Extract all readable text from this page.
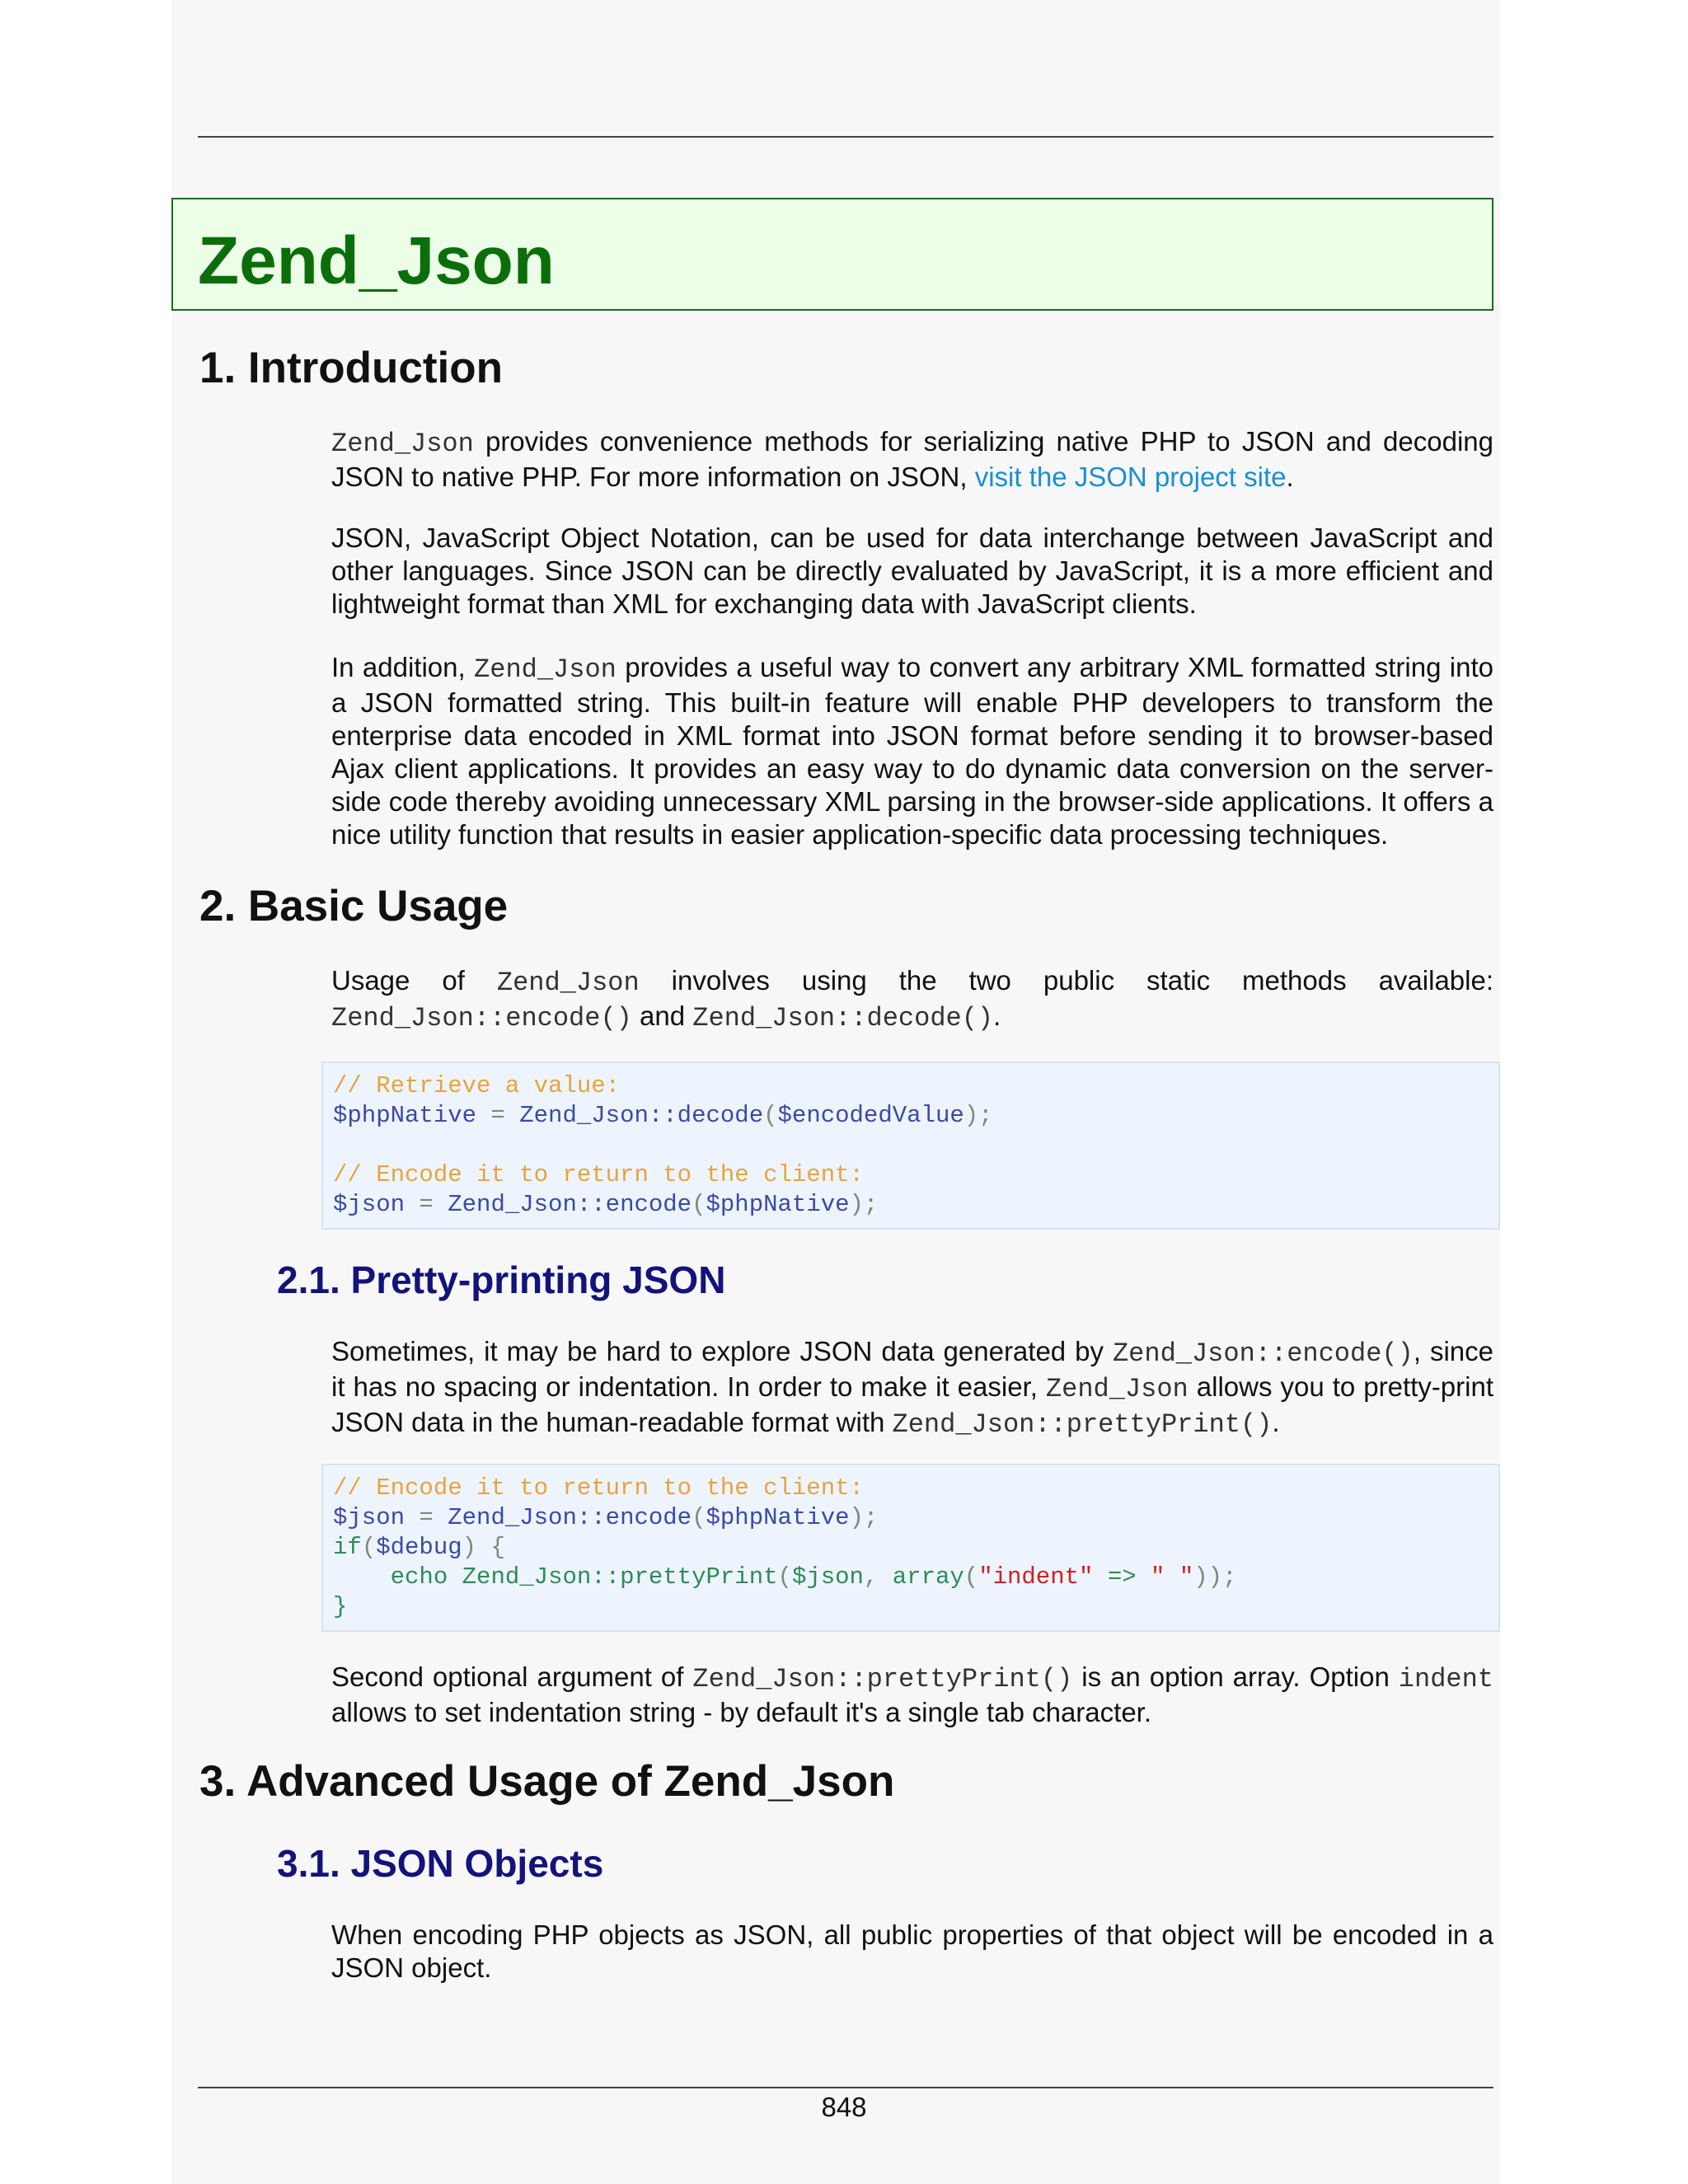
Zend_Json
1. Introduction

Zend_Json provides convenience methods for serializing native PHP to JSON and decoding JSON to native PHP. For more information on JSON, visit the JSON project site.

JSON, JavaScript Object Notation, can be used for data interchange between JavaScript and other languages. Since JSON can be directly evaluated by JavaScript, it is a more efficient and lightweight format than XML for exchanging data with JavaScript clients.

In addition, Zend_Json provides a useful way to convert any arbitrary XML formatted string into a JSON formatted string. This built-in feature will enable PHP developers to transform the enterprise data encoded in XML format into JSON format before sending it to browser-based Ajax client applications. It provides an easy way to do dynamic data conversion on the server-side code thereby avoiding unnecessary XML parsing in the browser-side applications. It offers a nice utility function that results in easier application-specific data processing techniques.

2. Basic Usage

Usage of Zend_Json involves using the two public static methods available: Zend_Json::encode() and Zend_Json::decode().

// Retrieve a value:
$phpNative = Zend_Json::decode($encodedValue);
// Encode it to return to the client:
$json = Zend_Json::encode($phpNative);
2.1. Pretty-printing JSON

Sometimes, it may be hard to explore JSON data generated by Zend_Json::encode(), since it has no spacing or indentation. In order to make it easier, Zend_Json allows you to pretty-print JSON data in the human-readable format with Zend_Json::prettyPrint().

// Encode it to return to the client:
$json = Zend_Json::encode($phpNative);
if($debug) {
echo Zend_Json::prettyPrint($json, array("indent" => " "));
}

Second optional argument of Zend_Json::prettyPrint() is an option array. Option indent allows to set indentation string - by default it's a single tab character.

3. Advanced Usage of Zend_Json
3.1. JSON Objects

When encoding PHP objects as JSON, all public properties of that object will be encoded in a JSON object.

848
